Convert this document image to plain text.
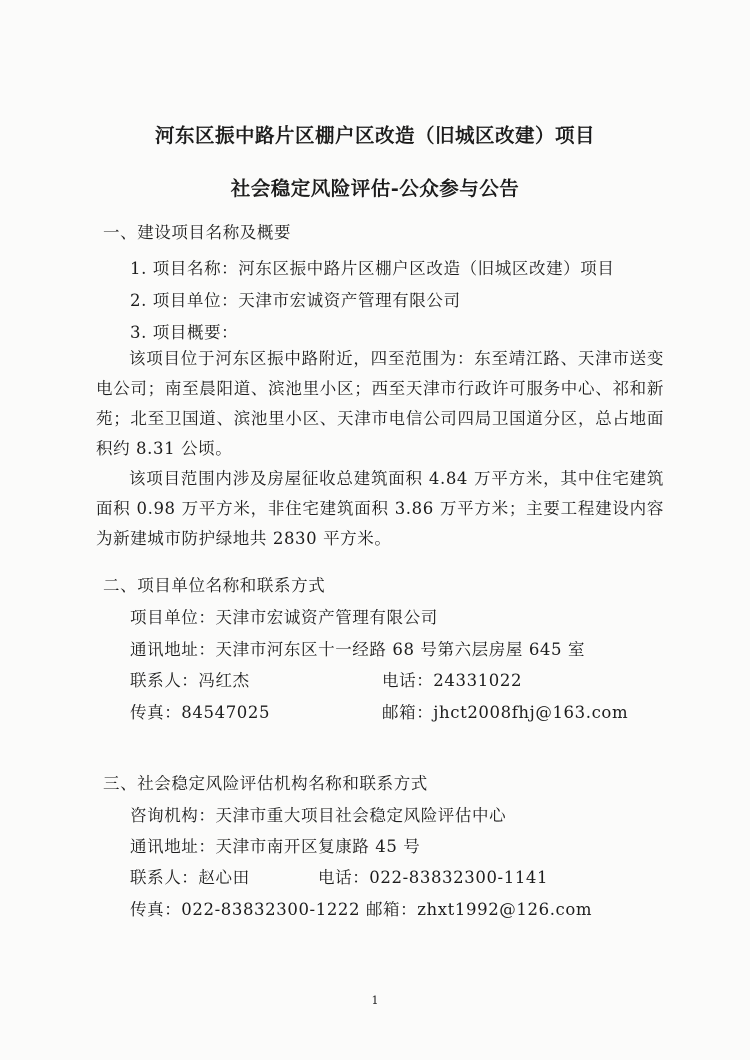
河东区振中路片区棚户区改造（旧城区改建）项目
社会稳定风险评估-公众参与公告
一、建设项目名称及概要
1. 项目名称：河东区振中路片区棚户区改造（旧城区改建）项目
2. 项目单位：天津市宏诚资产管理有限公司
3. 项目概要：

该项目位于河东区振中路附近，四至范围为：东至靖江路、天津市送变电公司；南至晨阳道、滨池里小区；西至天津市行政许可服务中心、祁和新苑；北至卫国道、滨池里小区、天津市电信公司四局卫国道分区，总占地面积约 8.31 公顷。

该项目范围内涉及房屋征收总建筑面积 4.84 万平方米，其中住宅建筑面积 0.98 万平方米，非住宅建筑面积 3.86 万平方米；主要工程建设内容为新建城市防护绿地共 2830 平方米。

二、项目单位名称和联系方式
项目单位：天津市宏诚资产管理有限公司
通讯地址：天津市河东区十一经路 68 号第六层房屋 645 室
联系人：冯红杰	电话：24331022
传真：84547025	邮箱：jhct2008fhj@163.com
三、社会稳定风险评估机构名称和联系方式
咨询机构：天津市重大项目社会稳定风险评估中心
通讯地址：天津市南开区复康路 45 号
联系人：赵心田	电话：022-83832300-1141
传真：022-83832300-1222 邮箱：zhxt1992@126.com
1
